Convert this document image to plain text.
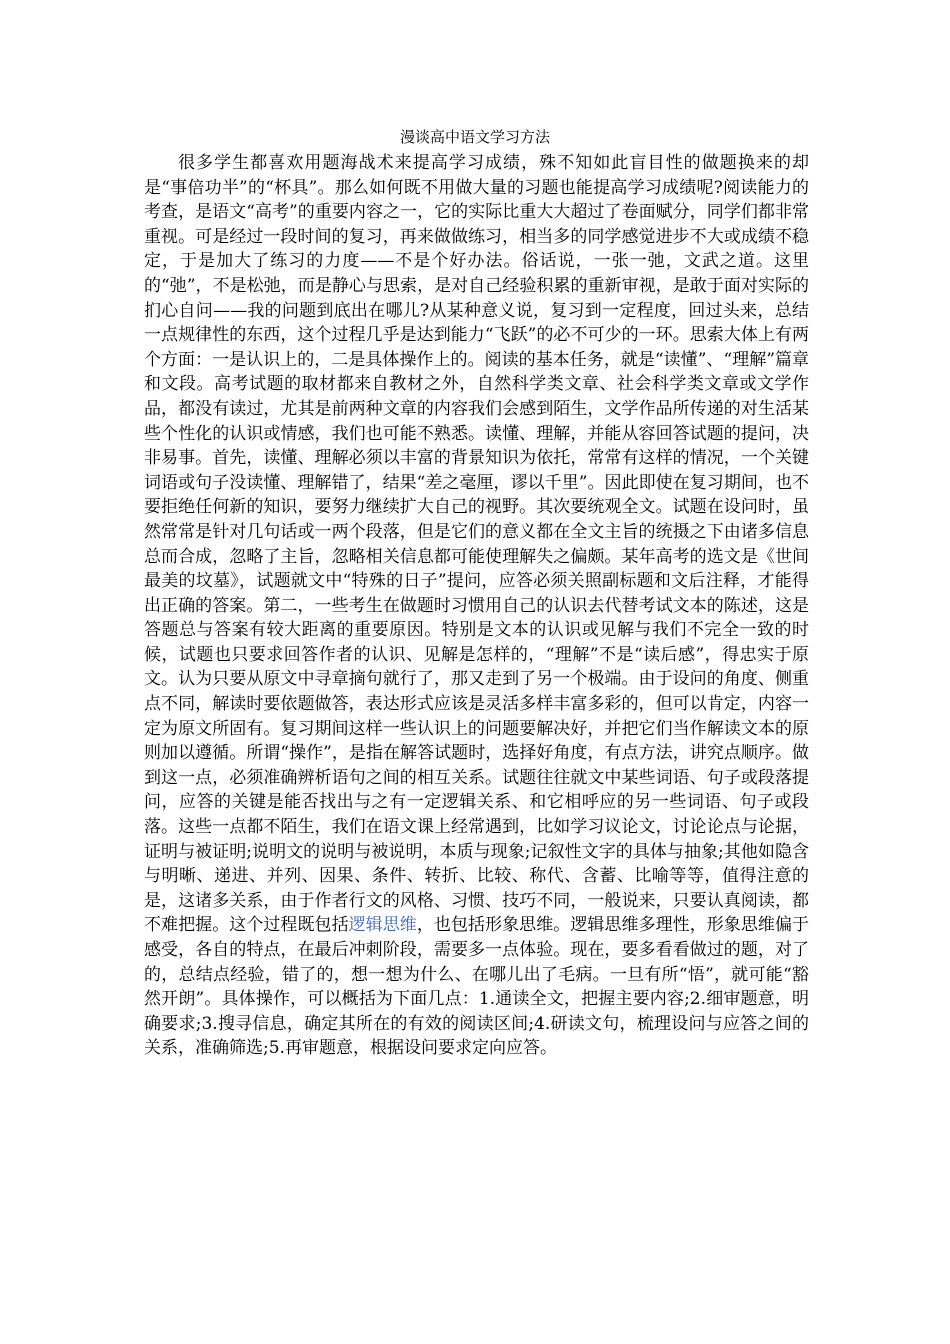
漫谈高中语文学习方法

很多学生都喜欢用题海战术来提高学习成绩，殊不知如此盲目性的做题换来的却是“事倍功半”的“杯具”。那么如何既不用做大量的习题也能提高学习成绩呢?阅读能力的考查，是语文“高考”的重要内容之一，它的实际比重大大超过了卷面赋分，同学们都非常重视。可是经过一段时间的复习，再来做做练习，相当多的同学感觉进步不大或成绩不稳定，于是加大了练习的力度——不是个好办法。俗话说，一张一弛，文武之道。这里的“弛”，不是松弛，而是静心与思索，是对自己经验积累的重新审视，是敢于面对实际的扪心自问——我的问题到底出在哪儿?从某种意义说，复习到一定程度，回过头来，总结一点规律性的东西，这个过程几乎是达到能力“飞跃”的必不可少的一环。思索大体上有两个方面：一是认识上的，二是具体操作上的。阅读的基本任务，就是“读懂”、“理解”篇章和文段。高考试题的取材都来自教材之外，自然科学类文章、社会科学类文章或文学作品，都没有读过，尤其是前两种文章的内容我们会感到陌生，文学作品所传递的对生活某些个性化的认识或情感，我们也可能不熟悉。读懂、理解，并能从容回答试题的提问，决非易事。首先，读懂、理解必须以丰富的背景知识为依托，常常有这样的情况，一个关键词语或句子没读懂、理解错了，结果“差之毫厘，谬以千里”。因此即使在复习期间，也不要拒绝任何新的知识，要努力继续扩大自己的视野。其次要统观全文。试题在设问时，虽然常常是针对几句话或一两个段落，但是它们的意义都在全文主旨的统摄之下由诸多信息总而合成，忽略了主旨，忽略相关信息都可能使理解失之偏颇。某年高考的选文是《世间最美的坟墓》，试题就文中“特殊的日子”提问，应答必须关照副标题和文后注释，才能得出正确的答案。第二，一些考生在做题时习惯用自己的认识去代替考试文本的陈述，这是答题总与答案有较大距离的重要原因。特别是文本的认识或见解与我们不完全一致的时候，试题也只要求回答作者的认识、见解是怎样的，“理解”不是“读后感”，得忠实于原文。认为只要从原文中寻章摘句就行了，那又走到了另一个极端。由于设问的角度、侧重点不同，解读时要依题做答，表达形式应该是灵活多样丰富多彩的，但可以肯定，内容一定为原文所固有。复习期间这样一些认识上的问题要解决好，并把它们当作解读文本的原则加以遵循。所谓“操作”，是指在解答试题时，选择好角度，有点方法，讲究点顺序。做到这一点，必须准确辨析语句之间的相互关系。试题往往就文中某些词语、句子或段落提问，应答的关键是能否找出与之有一定逻辑关系、和它相呼应的另一些词语、句子或段落。这些一点都不陌生，我们在语文课上经常遇到，比如学习议论文，讨论论点与论据，证明与被证明;说明文的说明与被说明，本质与现象;记叙性文字的具体与抽象;其他如隐含与明晰、递进、并列、因果、条件、转折、比较、称代、含蓄、比喻等等，值得注意的是，这诸多关系，由于作者行文的风格、习惯、技巧不同，一般说来，只要认真阅读，都不难把握。这个过程既包括逻辑思维，也包括形象思维。逻辑思维多理性，形象思维偏于感受，各自的特点，在最后冲刺阶段，需要多一点体验。现在，要多看看做过的题，对了的，总结点经验，错了的，想一想为什么、在哪儿出了毛病。一旦有所“悟”，就可能“豁然开朗”。具体操作，可以概括为下面几点：1.通读全文，把握主要内容;2.细审题意，明确要求;3.搜寻信息，确定其所在的有效的阅读区间;4.研读文句，梳理设问与应答之间的关系，准确筛选;5.再审题意，根据设问要求定向应答。
